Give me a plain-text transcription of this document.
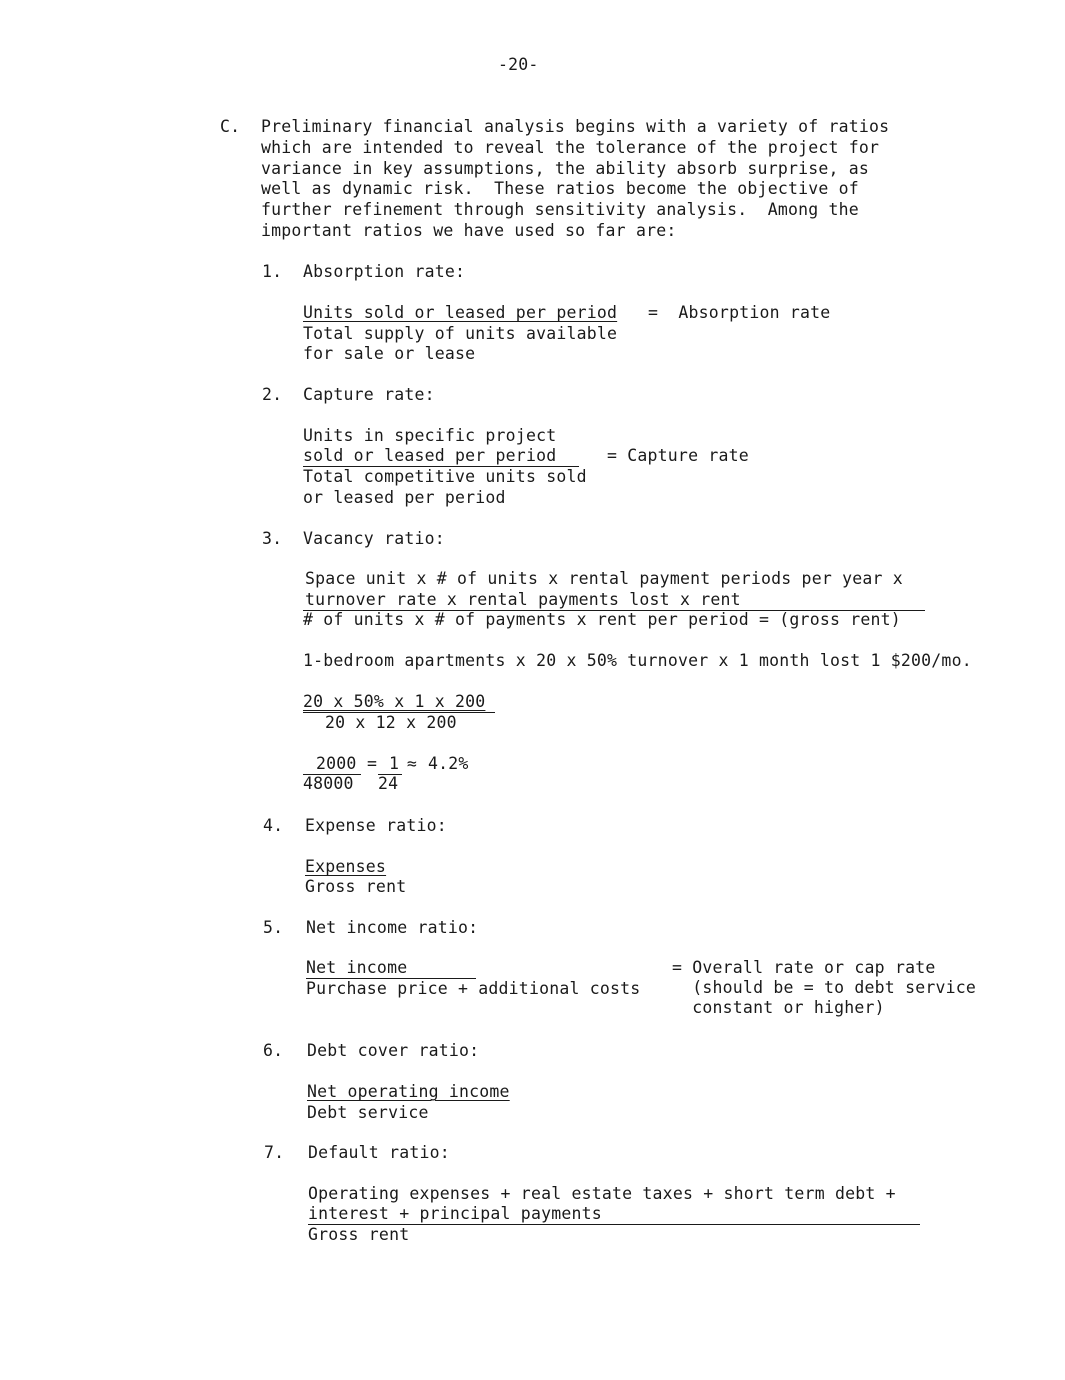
-20-
C. Preliminary financial analysis begins with a variety of ratios
which are intended to reveal the tolerance of the project for
variance in key assumptions, the ability absorb surprise, as
well as dynamic risk.  These ratios become the objective of
further refinement through sensitivity analysis.  Among the
important ratios we have used so far are:
1. Absorption rate:
Units sold or leased per period
Total supply of units available
for sale or lease
=  Absorption rate
2. Capture rate:
Units in specific project
sold or leased per period
Total competitive units sold
or leased per period
= Capture rate
3. Vacancy ratio:
Space unit x # of units x rental payment periods per year x
turnover rate x rental payments lost x rent
# of units x # of payments x rent per period = (gross rent)
1-bedroom apartments x 20 x 50% turnover x 1 month lost 1 $200/mo.
20 x 50% x 1 x 200
20 x 12 x 200
2000 = 1 ≈ 4.2%
48000 24
4. Expense ratio:
Expenses
Gross rent
5. Net income ratio:
Net income
Purchase price + additional costs
= Overall rate or cap rate
(should be = to debt service
constant or higher)
6. Debt cover ratio:
Net operating income
Debt service
7. Default ratio:
Operating expenses + real estate taxes + short term debt +
interest + principal payments
Gross rent
